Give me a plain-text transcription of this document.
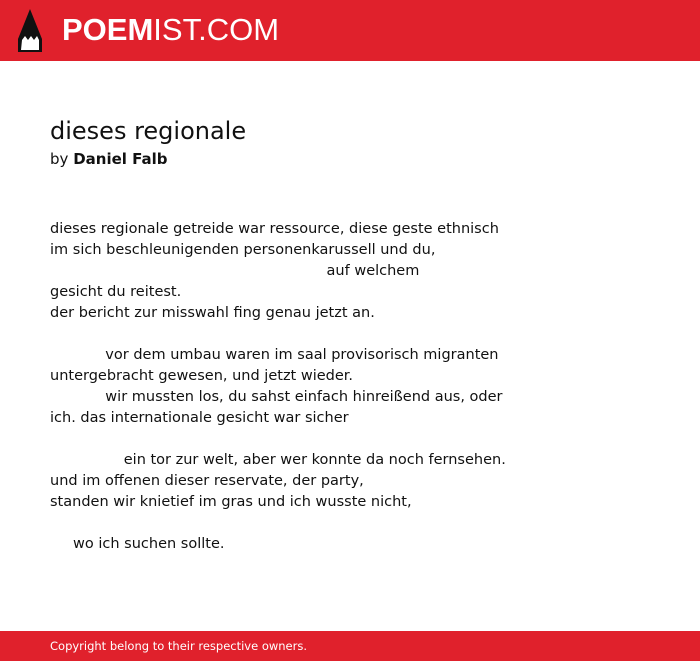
POEMIST.COM
dieses regionale
by Daniel Falb
dieses regionale getreide war ressource, diese geste ethnisch
im sich beschleunigenden personenkarussell und du,
auf welchem
gesicht du reitest.
der bericht zur misswahl fing genau jetzt an.
vor dem umbau waren im saal provisorisch migranten
untergebracht gewesen, und jetzt wieder.
wir mussten los, du sahst einfach hinreißend aus, oder
ich. das internationale gesicht war sicher
ein tor zur welt, aber wer konnte da noch fernsehen.
und im offenen dieser reservate, der party,
standen wir knietief im gras und ich wusste nicht,
wo ich suchen sollte.
Copyright belong to their respective owners.
